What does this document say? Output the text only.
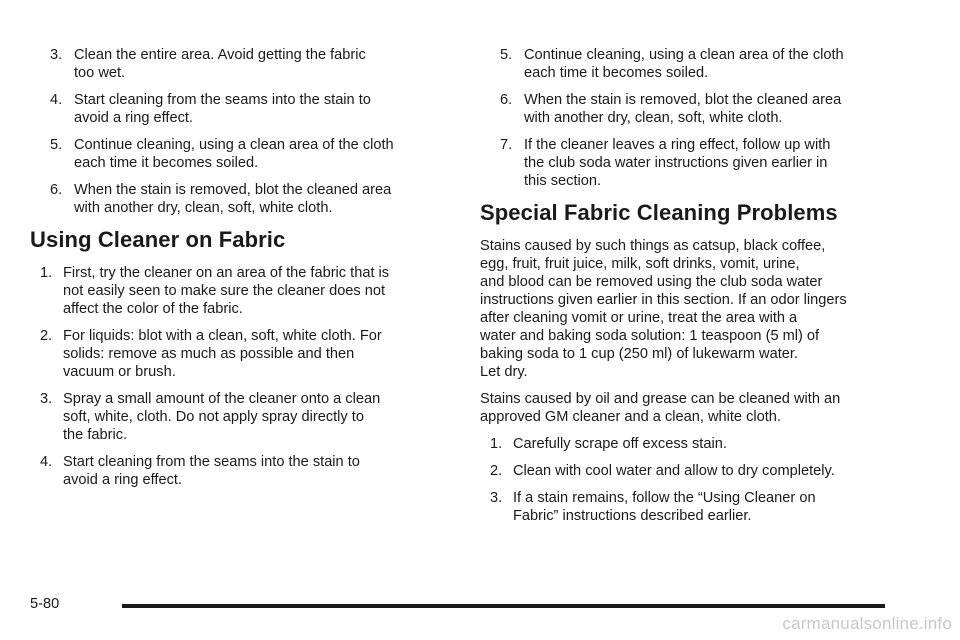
3. Clean the entire area. Avoid getting the fabric
too wet.
4. Start cleaning from the seams into the stain to
avoid a ring effect.
5. Continue cleaning, using a clean area of the cloth
each time it becomes soiled.
6. When the stain is removed, blot the cleaned area
with another dry, clean, soft, white cloth.
Using Cleaner on Fabric
1. First, try the cleaner on an area of the fabric that is
not easily seen to make sure the cleaner does not
affect the color of the fabric.
2. For liquids: blot with a clean, soft, white cloth. For
solids: remove as much as possible and then
vacuum or brush.
3. Spray a small amount of the cleaner onto a clean
soft, white, cloth. Do not apply spray directly to
the fabric.
4. Start cleaning from the seams into the stain to
avoid a ring effect.
5. Continue cleaning, using a clean area of the cloth
each time it becomes soiled.
6. When the stain is removed, blot the cleaned area
with another dry, clean, soft, white cloth.
7. If the cleaner leaves a ring effect, follow up with
the club soda water instructions given earlier in
this section.
Special Fabric Cleaning Problems

Stains caused by such things as catsup, black coffee,
egg, fruit, fruit juice, milk, soft drinks, vomit, urine,
and blood can be removed using the club soda water
instructions given earlier in this section. If an odor lingers
after cleaning vomit or urine, treat the area with a
water and baking soda solution: 1 teaspoon (5 ml) of
baking soda to 1 cup (250 ml) of lukewarm water.
Let dry.

Stains caused by oil and grease can be cleaned with an
approved GM cleaner and a clean, white cloth.

1. Carefully scrape off excess stain.
2. Clean with cool water and allow to dry completely.
3. If a stain remains, follow the “Using Cleaner on
Fabric” instructions described earlier.
5-80
carmanualsonline.info
